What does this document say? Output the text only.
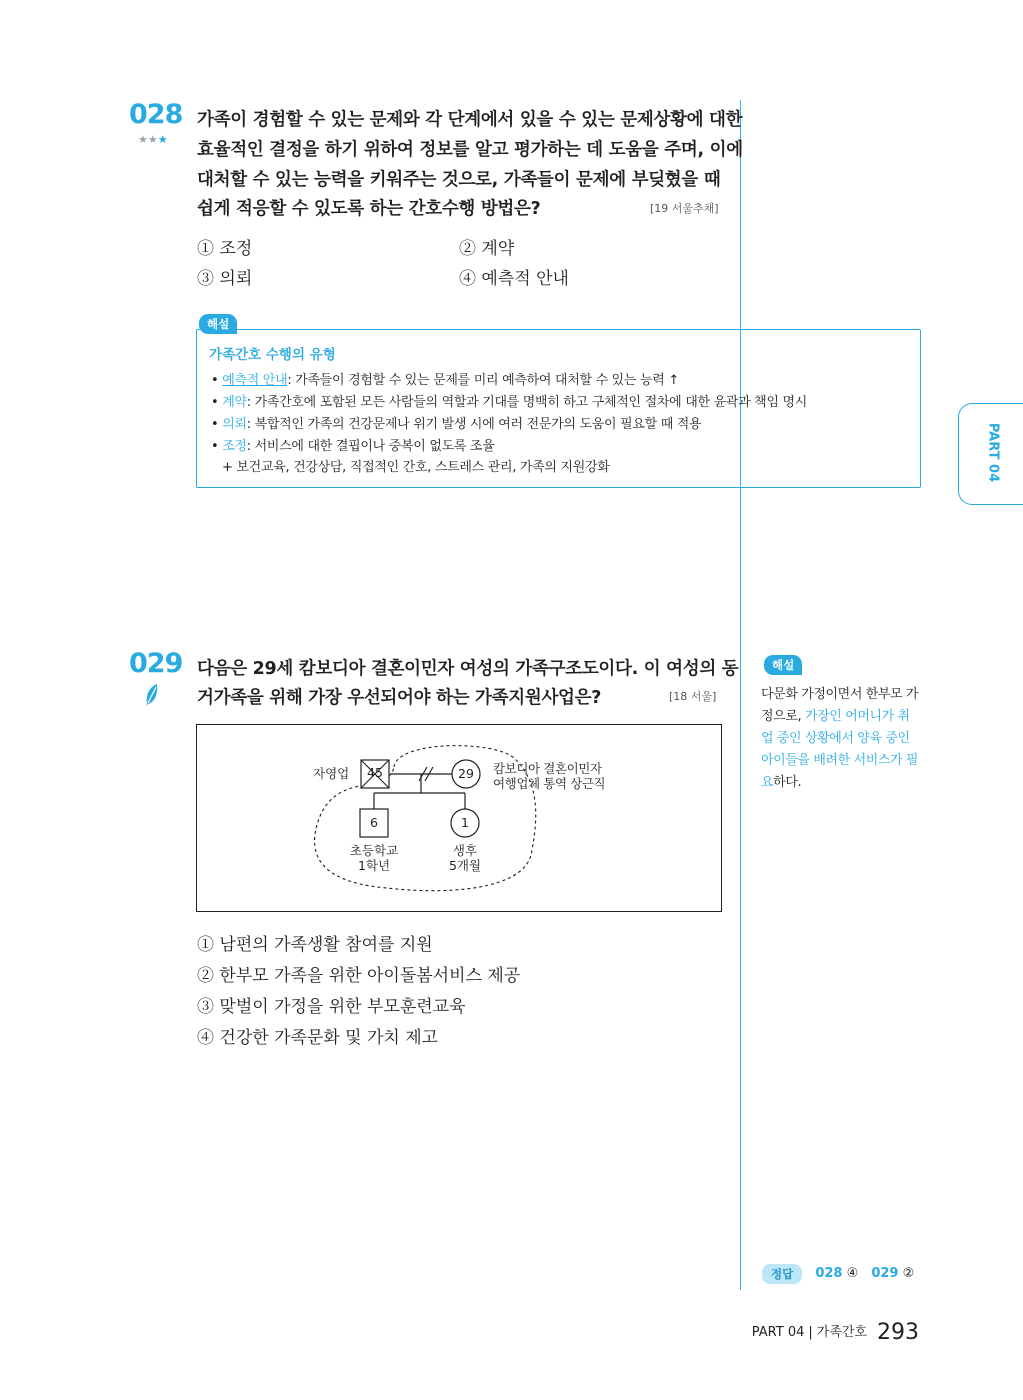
028
★★★
가족이 경험할 수 있는 문제와 각 단계에서 있을 수 있는 문제상황에 대한
효율적인 결정을 하기 위하여 정보를 알고 평가하는 데 도움을 주며, 이에
대처할 수 있는 능력을 키워주는 것으로, 가족들이 문제에 부딪혔을 때
쉽게 적응할 수 있도록 하는 간호수행 방법은?	[19 서울추채]
① 조정	② 계약
③ 의뢰	④ 예측적 안내
해설
가족간호 수행의 유형
• 예측적 안내: 가족들이 경험할 수 있는 문제를 미리 예측하여 대처할 수 있는 능력 ↑
• 계약: 가족간호에 포함된 모든 사람들의 역할과 기대를 명백히 하고 구체적인 절차에 대한 윤곽과 책임 명시
• 의뢰: 복합적인 가족의 건강문제나 위기 발생 시에 여러 전문가의 도움이 필요할 때 적용
• 조정: 서비스에 대한 결핍이나 중복이 없도록 조율
+ 보건교육, 건강상담, 직접적인 간호, 스트레스 관리, 가족의 지원강화	PART 04
029 다음은 29세 캄보디아 결혼이민자 여성의 가족구조도이다. 이 여성의 동
거가족을 위해 가장 우선되어야 하는 가족지원사업은?	[18 서울]
자영업	45	29	캄보디아 결혼이민자
여행업체 통역 상근직
6	1
초등학교
1학년
생후
5개월
① 남편의 가족생활 참여를 지원
② 한부모 가족을 위한 아이돌봄서비스 제공
③ 맞벌이 가정을 위한 부모훈련교육
④ 건강한 가족문화 및 가치 제고
해설
다문화 가정이면서 한부모 가
정으로, 가장인 어머니가 취
업 중인 상황에서 양육 중인
아이들을 배려한 서비스가 필
요하다.
정답 028 ④ 029 ②
PART 04 | 가족간호 293
